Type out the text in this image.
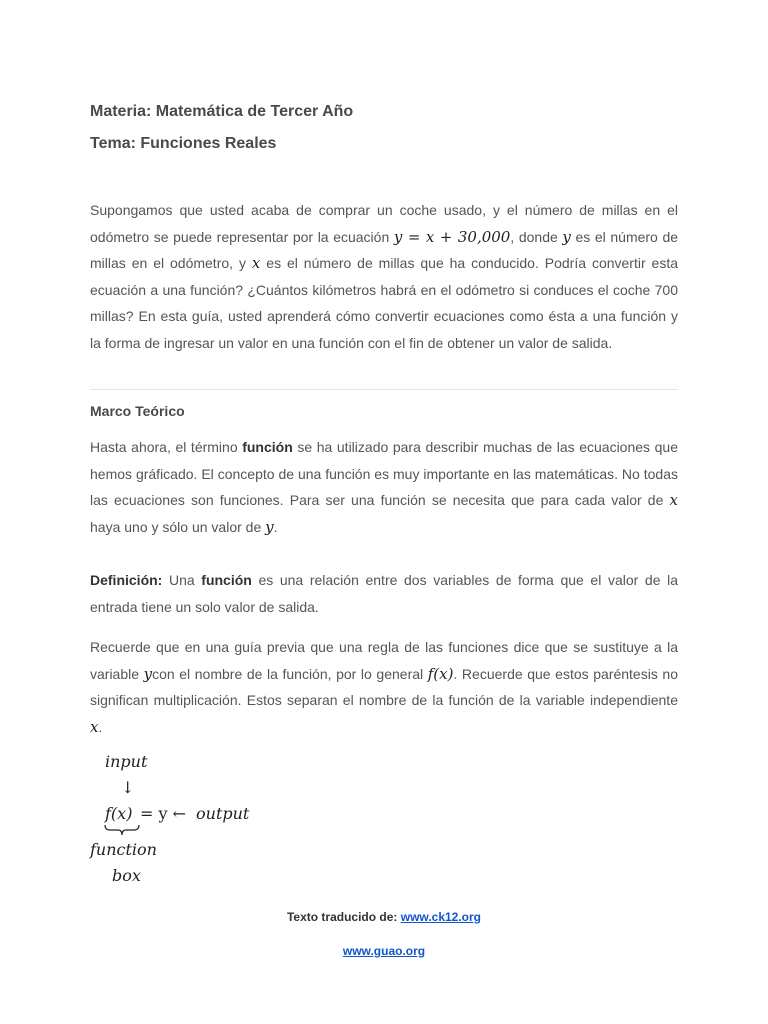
Materia: Matemática de Tercer Año
Tema: Funciones Reales
Supongamos que usted acaba de comprar un coche usado, y el número de millas en el odómetro se puede representar por la ecuación y = x + 30,000, donde y es el número de millas en el odómetro, y x es el número de millas que ha conducido. Podría convertir esta ecuación a una función? ¿Cuántos kilómetros habrá en el odómetro si conduces el coche 700 millas? En esta guía, usted aprenderá cómo convertir ecuaciones como ésta a una función y la forma de ingresar un valor en una función con el fin de obtener un valor de salida.
Marco Teórico
Hasta ahora, el término función se ha utilizado para describir muchas de las ecuaciones que hemos gráficado. El concepto de una función es muy importante en las matemáticas. No todas las ecuaciones son funciones. Para ser una función se necesita que para cada valor de x haya uno y sólo un valor de y.
Definición: Una función es una relación entre dos variables de forma que el valor de la entrada tiene un solo valor de salida.
Recuerde que en una guía previa que una regla de las funciones dice que se sustituye a la variable ycon el nombre de la función, por lo general f(x). Recuerde que estos paréntesis no significan multiplicación. Estos separan el nombre de la función de la variable independiente x.
input
↓
f(x) = y ← output
function
box
Texto traducido de: www.ck12.org
www.guao.org
